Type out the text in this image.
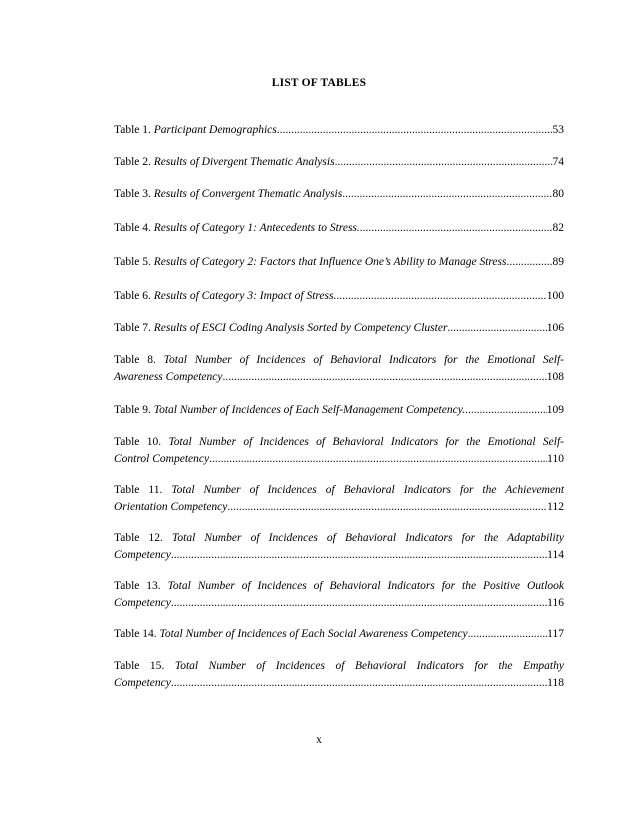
LIST OF TABLES
Table 1.
Participant Demographics .....	53
Table 2.
Results of Divergent Thematic Analysis .....	74
Table 3.
Results of Convergent Thematic Analysis .....	80
Table 4.
Results of Category 1: Antecedents to Stress. .....	82
Table 5.
Results of Category 2: Factors that Influence One’s Ability to Manage Stress .....	89
Table 6.
Results of Category 3: Impact of Stress. .....	100
Table 7.
Results of ESCI Coding Analysis Sorted by Competency Cluster .....	106
Table 8. Total Number of Incidences of Behavioral Indicators for the Emotional Self-
Awareness Competency .....	108
Table 9.
Total Number of Incidences of Each Self-Management Competency. .....	109
Table 10. Total Number of Incidences of Behavioral Indicators for the Emotional Self-
Control Competency .....	110
Table 11. Total Number of Incidences of Behavioral Indicators for the Achievement
Orientation Competency .....	112
Table 12. Total Number of Incidences of Behavioral Indicators for the Adaptability
Competency .....	114
Table 13. Total Number of Incidences of Behavioral Indicators for the Positive Outlook
Competency .....	116
Table 14.
Total Number of Incidences of Each Social Awareness Competency .....	117
Table 15. Total Number of Incidences of Behavioral Indicators for the Empathy
Competency .....	118
x
